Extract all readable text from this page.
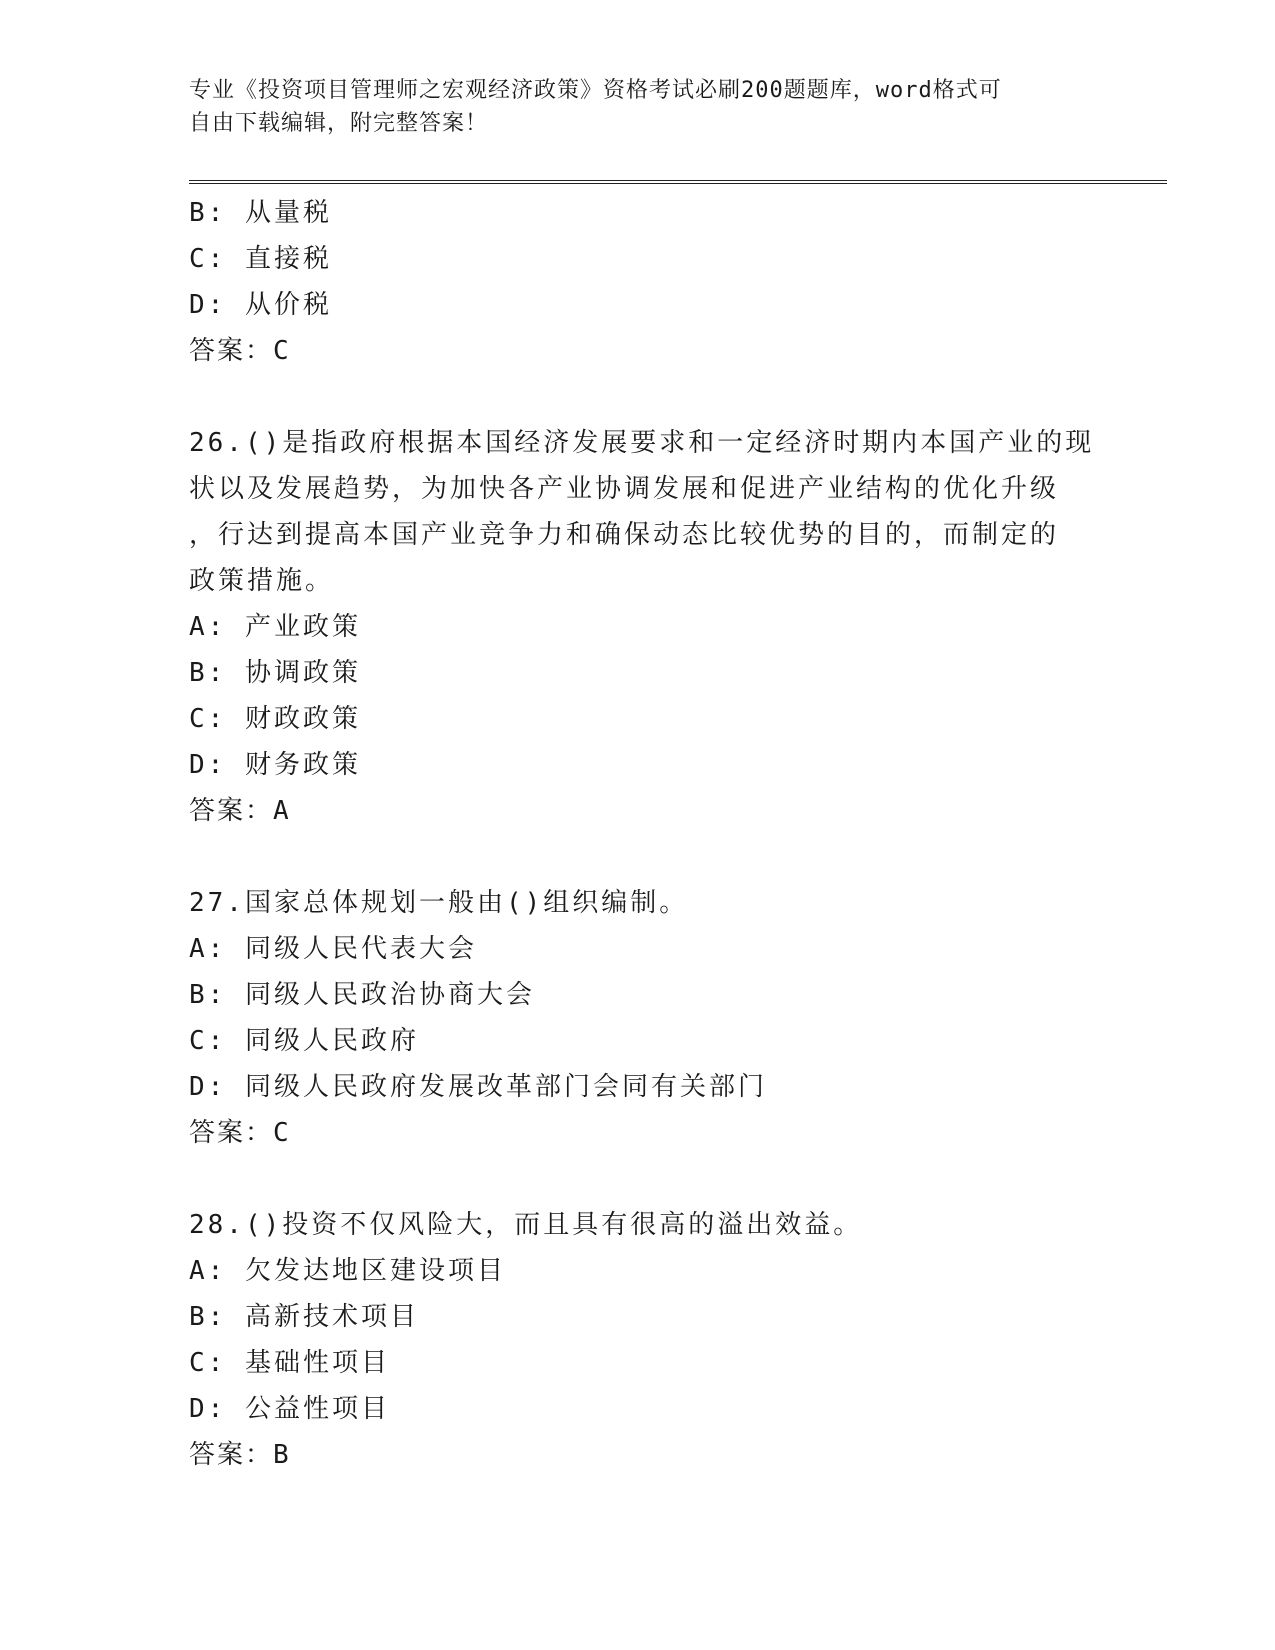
专业《投资项目管理师之宏观经济政策》资格考试必刷200题题库，word格式可
自由下载编辑，附完整答案！
B: 从量税
C: 直接税
D: 从价税
答案：C
26.()是指政府根据本国经济发展要求和一定经济时期内本国产业的现
状以及发展趋势，为加快各产业协调发展和促进产业结构的优化升级
，行达到提高本国产业竞争力和确保动态比较优势的目的，而制定的
政策措施。
A: 产业政策
B: 协调政策
C: 财政政策
D: 财务政策
答案：A
27.国家总体规划一般由()组织编制。
A: 同级人民代表大会
B: 同级人民政治协商大会
C: 同级人民政府
D: 同级人民政府发展改革部门会同有关部门
答案：C
28.()投资不仅风险大，而且具有很高的溢出效益。
A: 欠发达地区建设项目
B: 高新技术项目
C: 基础性项目
D: 公益性项目
答案：B
